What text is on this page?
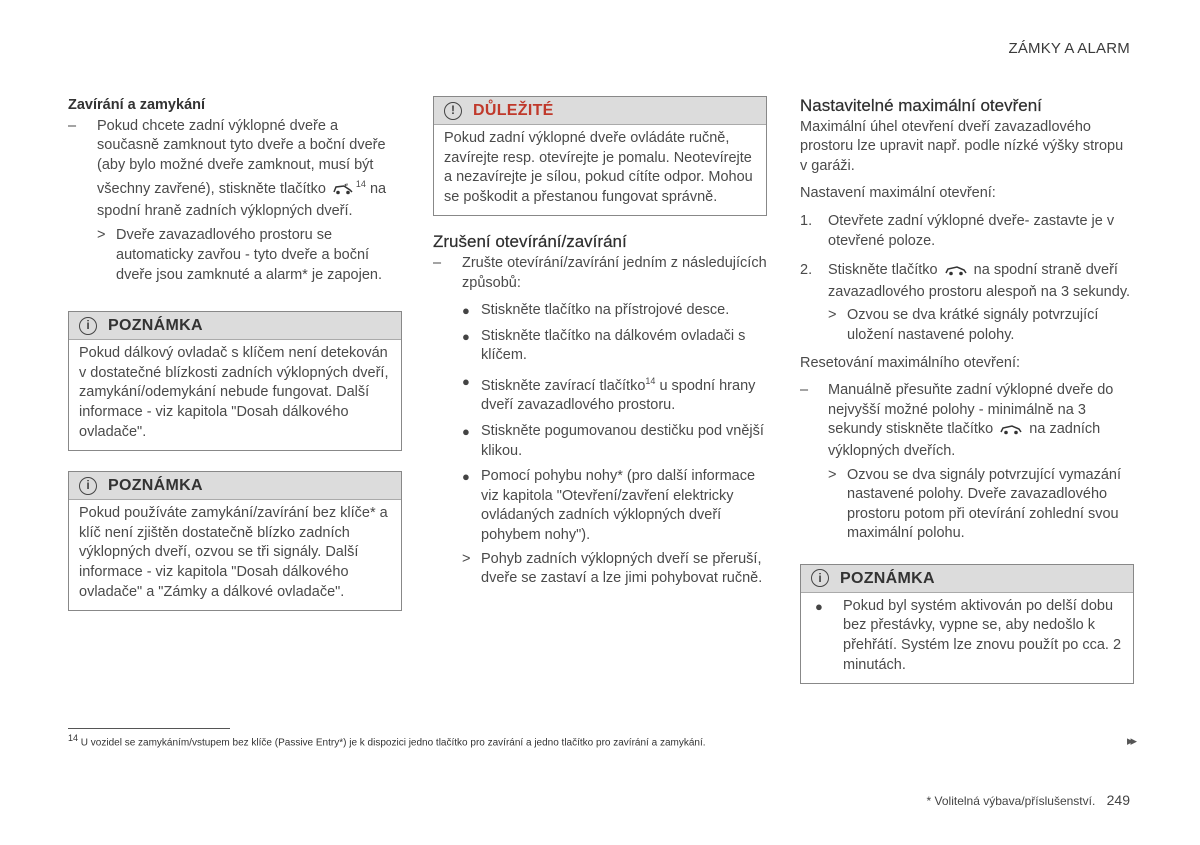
ZÁMKY A ALARM
Zavírání a zamykání
–	Pokud chcete zadní výklopné dveře a současně zamknout tyto dveře a boční dveře (aby bylo možné dveře zamknout, musí být všechny zavřené), stiskněte tlačítko	$^{14}$ na spodní hraně zadních výklopných dveří.
> Dveře zavazadlového prostoru se automaticky zavřou - tyto dveře a boční dveře jsou zamknuté a alarm* je zapojen.
i	POZNÁMKA
Pokud dálkový ovladač s klíčem není detekován v dostatečné blízkosti zadních výklopných dveří, zamykání/odemykání nebude fungovat. Další informace - viz kapitola "Dosah dálkového ovladače".
i	POZNÁMKA
Pokud používáte zamykání/zavírání bez klíče* a klíč není zjištěn dostatečně blízko zadních výklopných dveří, ozvou se tři signály. Další informace - viz kapitola "Dosah dálkového ovladače" a "Zámky a dálkové ovladače".
!	DŮLEŽITÉ
Pokud zadní výklopné dveře ovládáte ručně, zavírejte resp. otevírejte je pomalu. Neotevírejte a nezavírejte je sílou, pokud cítíte odpor. Mohou se poškodit a přestanou fungovat správně.
Zrušení otevírání/zavírání
–	Zrušte otevírání/zavírání jedním z následujících způsobů:
● Stiskněte tlačítko na přístrojové desce.
● Stiskněte tlačítko na dálkovém ovladači s klíčem.
● Stiskněte zavírací tlačítko$^{14}$ u spodní hrany dveří zavazadlového prostoru.
● Stiskněte pogumovanou destičku pod vnější klikou.
● Pomocí pohybu nohy* (pro další informace viz kapitola "Otevření/zavření elektricky ovládaných zadních výklopných dveří pohybem nohy").
> Pohyb zadních výklopných dveří se přeruší, dveře se zastaví a lze jimi pohybovat ručně.
Nastavitelné maximální otevření

Maximální úhel otevření dveří zavazadlového prostoru lze upravit např. podle nízké výšky stropu v garáži.

Nastavení maximální otevření:

1.	Otevřete zadní výklopné dveře- zastavte je v otevřené poloze.
2.	Stiskněte tlačítko na spodní straně dveří zavazadlového prostoru alespoň na 3 sekundy.
> Ozvou se dva krátké signály potvrzující uložení nastavené polohy.

Resetování maximálního otevření:

–	Manuálně přesuňte zadní výklopné dveře do nejvyšší možné polohy - minimálně na 3 sekundy stiskněte tlačítko na zadních výklopných dveřích.
> Ozvou se dva signály potvrzující vymazání nastavené polohy. Dveře zavazadlového prostoru potom při otevírání zohlední svou maximální polohu.
i	POZNÁMKA
●	Pokud byl systém aktivován po delší dobu bez přestávky, vypne se, aby nedošlo k přehřátí. Systém lze znovu použít po cca. 2 minutách.
$^{14}$ U vozidel se zamykáním/vstupem bez klíče (Passive Entry*) je k dispozici jedno tlačítko pro zavírání a jedno tlačítko pro zavírání a zamykání.	▸▸
* Volitelná výbava/příslušenství. 249
